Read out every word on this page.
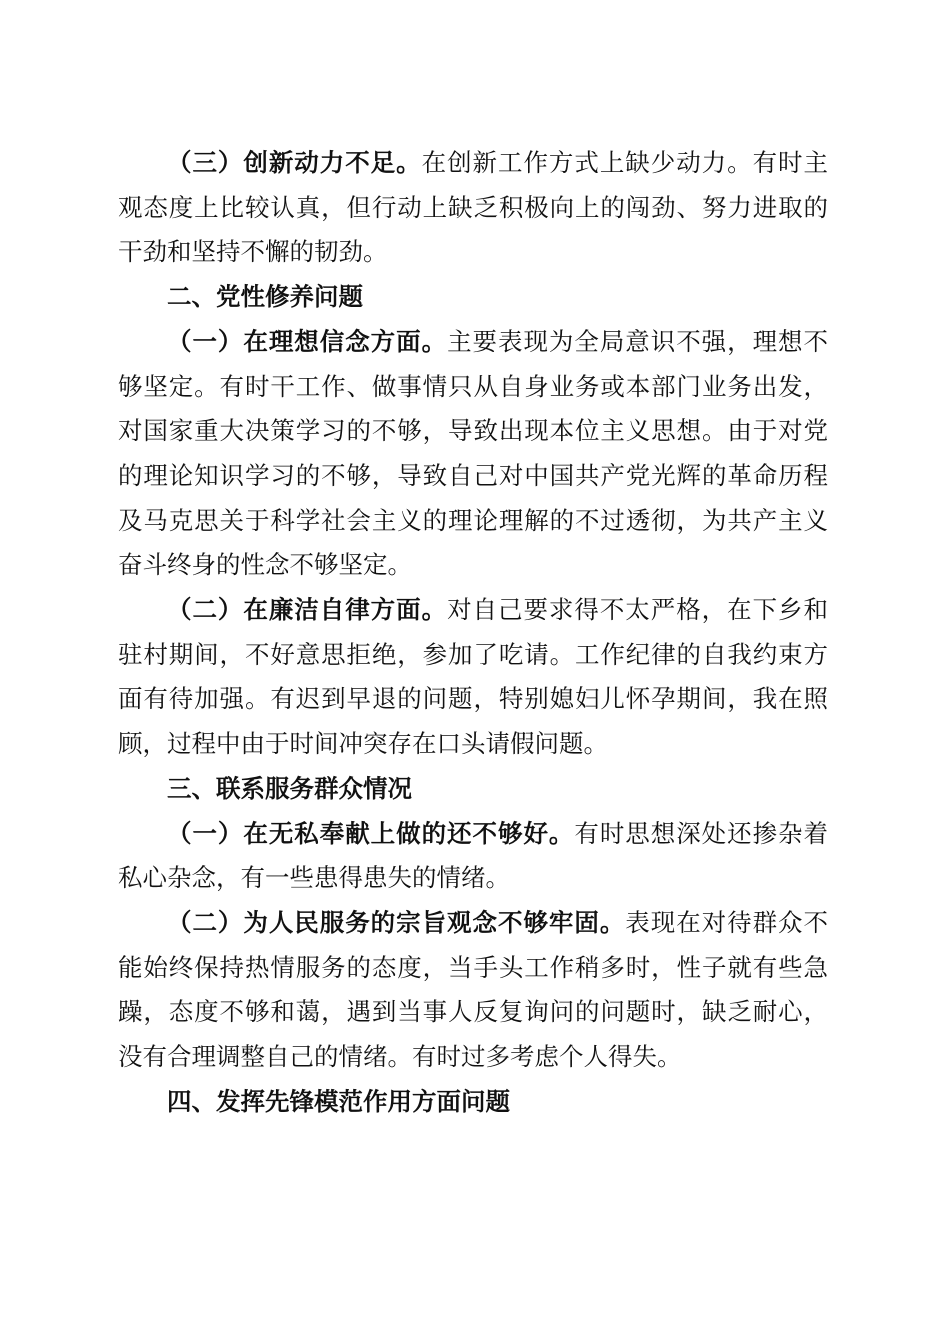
（三）创新动力不足。在创新工作方式上缺少动力。有时主观态度上比较认真，但行动上缺乏积极向上的闯劲、努力进取的干劲和坚持不懈的韧劲。

二、党性修养问题

（一）在理想信念方面。主要表现为全局意识不强，理想不够坚定。有时干工作、做事情只从自身业务或本部门业务出发，对国家重大决策学习的不够，导致出现本位主义思想。由于对党的理论知识学习的不够，导致自己对中国共产党光辉的革命历程及马克思关于科学社会主义的理论理解的不过透彻，为共产主义奋斗终身的性念不够坚定。

（二）在廉洁自律方面。对自己要求得不太严格，在下乡和驻村期间，不好意思拒绝，参加了吃请。工作纪律的自我约束方面有待加强。有迟到早退的问题，特别媳妇儿怀孕期间，我在照顾，过程中由于时间冲突存在口头请假问题。

三、联系服务群众情况

（一）在无私奉献上做的还不够好。有时思想深处还掺杂着私心杂念，有一些患得患失的情绪。

（二）为人民服务的宗旨观念不够牢固。表现在对待群众不能始终保持热情服务的态度，当手头工作稍多时，性子就有些急躁，态度不够和蔼，遇到当事人反复询问的问题时，缺乏耐心，没有合理调整自己的情绪。有时过多考虑个人得失。

四、发挥先锋模范作用方面问题
